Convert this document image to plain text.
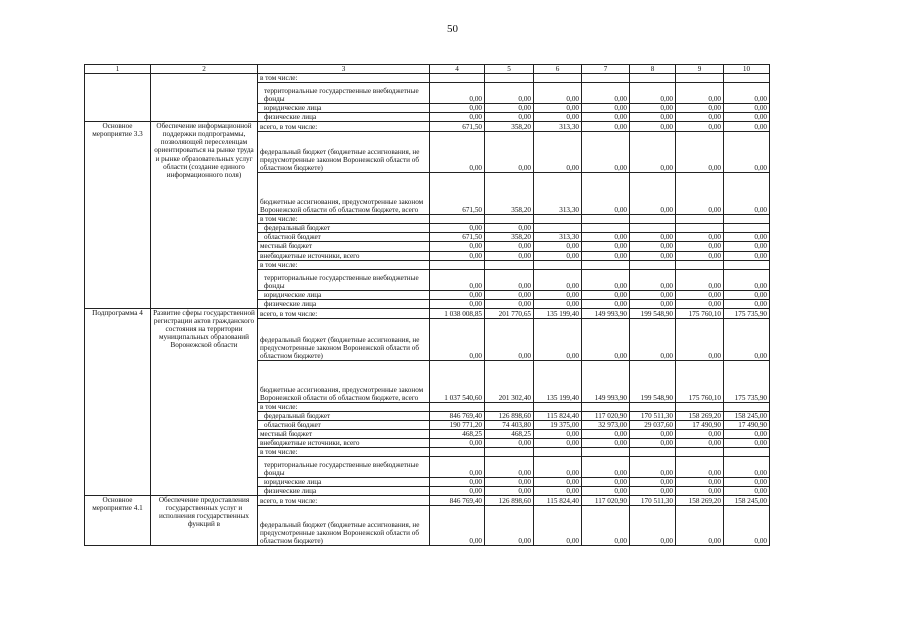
50
1	2	3	4	5	6	7	8	9	10
		в том числе:							
		территориальные государственные внебюджетные фонды	0,00	0,00	0,00	0,00	0,00	0,00	0,00
		юридические лица	0,00	0,00	0,00	0,00	0,00	0,00	0,00
		физические лица	0,00	0,00	0,00	0,00	0,00	0,00	0,00
Основное мероприятие 3.3	Обеспечение информационной поддержки подпрограммы, позволяющей переселенцам ориентироваться на рынке труда и рынке образовательных услуг области (создание единого информационного поля)	всего, в том числе:	671,50	358,20	313,30	0,00	0,00	0,00	0,00
		федеральный бюджет (бюджетные ассигнования, не предусмотренные законом Воронежской области об областном бюджете)	0,00	0,00	0,00	0,00	0,00	0,00	0,00
		бюджетные ассигнования, предусмотренные законом Воронежской области об областном бюджете, всего	671,50	358,20	313,30	0,00	0,00	0,00	0,00
		в том числе:							
		федеральный бюджет	0,00	0,00					
		областной бюджет	671,50	358,20	313,30	0,00	0,00	0,00	0,00
		местный бюджет	0,00	0,00	0,00	0,00	0,00	0,00	0,00
		внебюджетные источники, всего	0,00	0,00	0,00	0,00	0,00	0,00	0,00
		в том числе:							
		территориальные государственные внебюджетные фонды	0,00	0,00	0,00	0,00	0,00	0,00	0,00
		юридические лица	0,00	0,00	0,00	0,00	0,00	0,00	0,00
		физические лица	0,00	0,00	0,00	0,00	0,00	0,00	0,00
Подпрограмма 4	Развитие сферы государственной регистрации актов гражданского состояния на территории муниципальных образований Воронежской области	всего, в том числе:	1 038 008,85	201 770,65	135 199,40	149 993,90	199 548,90	175 760,10	175 735,90
		федеральный бюджет (бюджетные ассигнования, не предусмотренные законом Воронежской области об областном бюджете)	0,00	0,00	0,00	0,00	0,00	0,00	0,00
		бюджетные ассигнования, предусмотренные законом Воронежской области об областном бюджете, всего	1 037 540,60	201 302,40	135 199,40	149 993,90	199 548,90	175 760,10	175 735,90
		в том числе:							
		федеральный бюджет	846 769,40	126 898,60	115 824,40	117 020,90	170 511,30	158 269,20	158 245,00
		областной бюджет	190 771,20	74 403,80	19 375,00	32 973,00	29 037,60	17 490,90	17 490,90
		местный бюджет	468,25	468,25	0,00	0,00	0,00	0,00	0,00
		внебюджетные источники, всего	0,00	0,00	0,00	0,00	0,00	0,00	0,00
		в том числе:							
		территориальные государственные внебюджетные фонды	0,00	0,00	0,00	0,00	0,00	0,00	0,00
		юридические лица	0,00	0,00	0,00	0,00	0,00	0,00	0,00
		физические лица	0,00	0,00	0,00	0,00	0,00	0,00	0,00
Основное мероприятие 4.1	Обеспечение предоставления государственных услуг и исполнения государственных функций в	всего, в том числе:	846 769,40	126 898,60	115 824,40	117 020,90	170 511,30	158 269,20	158 245,00
		федеральный бюджет (бюджетные ассигнования, не предусмотренные законом Воронежской области об областном бюджете)	0,00	0,00	0,00	0,00	0,00	0,00	0,00
